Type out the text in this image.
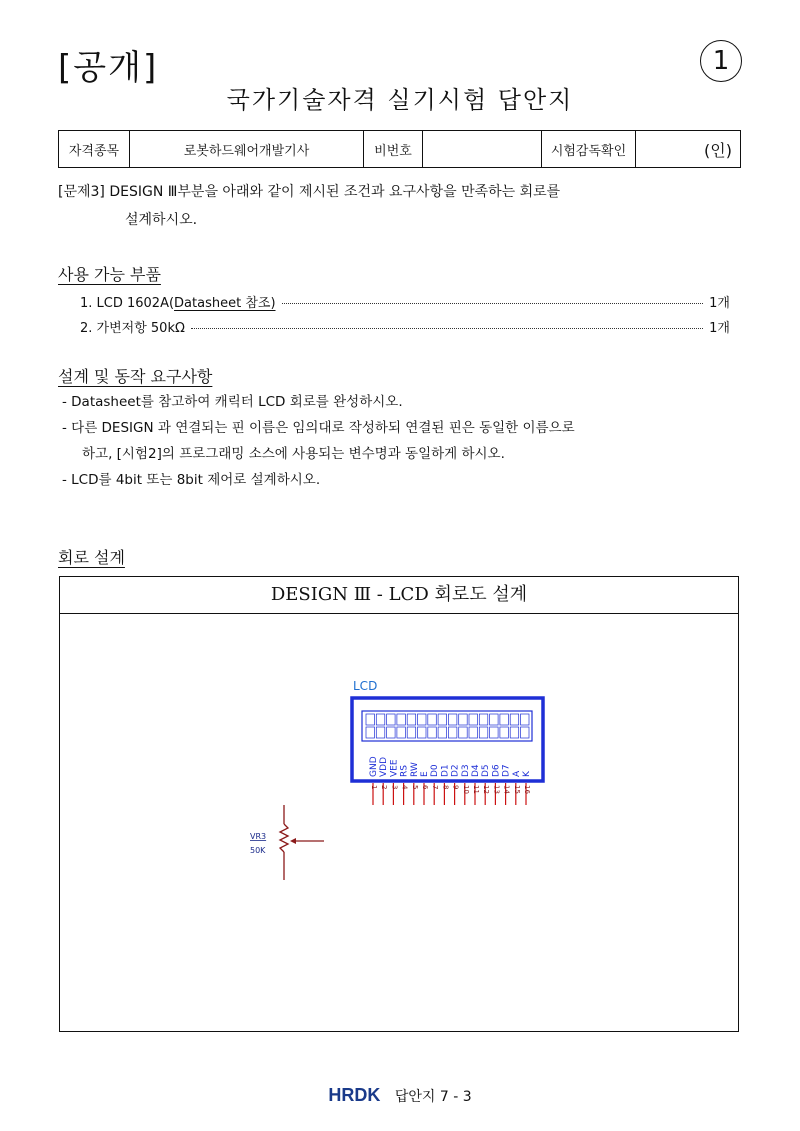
[공개]	1
국가기술자격 실기시험 답안지
자격종목	로봇하드웨어개발기사	비번호		시험감독확인	(인)
[문제3] DESIGN Ⅲ부분을 아래와 같이 제시된 조건과 요구사항을 만족하는 회로를
설계하시오.
사용 가능 부품
1. LCD 1602A(Datasheet 참조)	1개
2. 가변저항 50kΩ	1개
설계 및 동작 요구사항
- Datasheet를 참고하여 캐릭터 LCD 회로를 완성하시오.
- 다른 DESIGN 과 연결되는 핀 이름은 임의대로 작성하되 연결된 핀은 동일한 이름으로
하고, [시험2]의 프로그래밍 소스에 사용되는 변수명과 동일하게 하시오.
- LCD를 4bit 또는 8bit 제어로 설계하시오.
회로 설계
DESIGN Ⅲ - LCD 회로도 설계
LCD
GND
1
VDD
2
VEE
3
RS
4
RW
5
E
6
D0
7
D1
8
D2
9
D3
10
D4
11
D5
12
D6
13
D7
14
A
15
K
16
VR3
50K
HRDK 답안지 7 - 3
